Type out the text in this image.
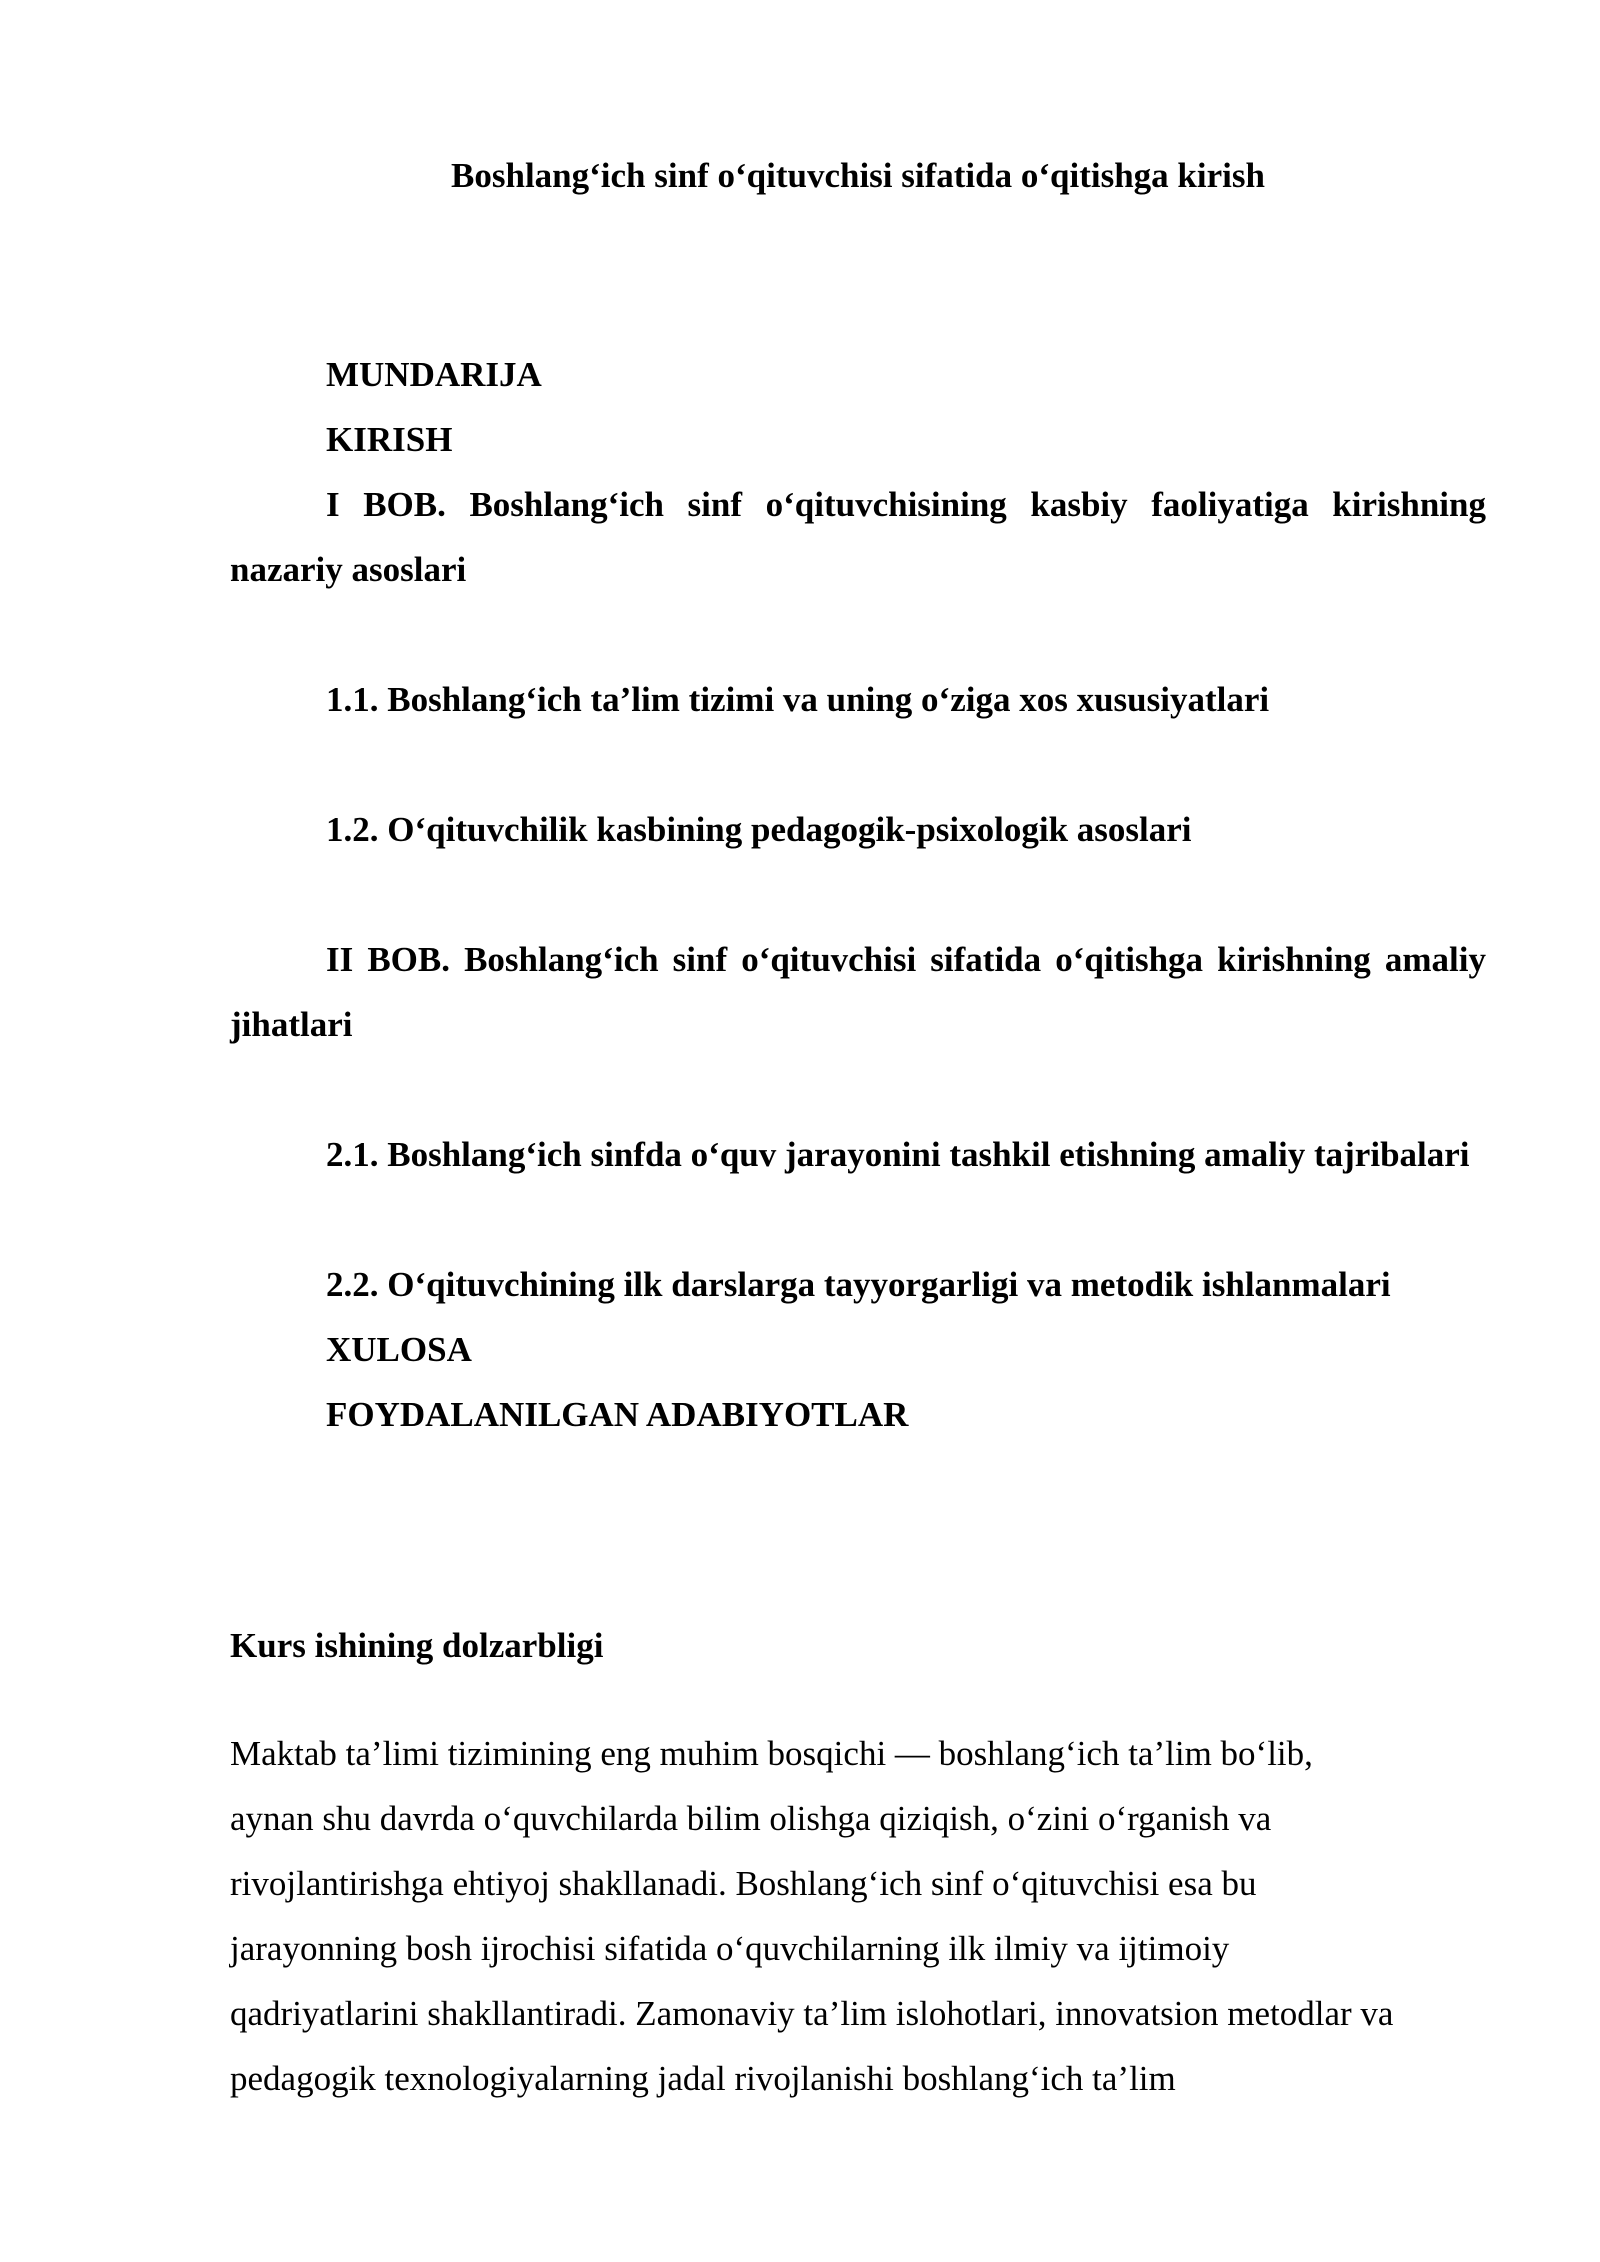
Boshlang‘ich sinf o‘qituvchisi sifatida o‘qitishga kirish

MUNDARIJA

KIRISH

I BOB. Boshlang‘ich sinf o‘qituvchisining kasbiy faoliyatiga kirishning nazariy asoslari

1.1. Boshlang‘ich ta’lim tizimi va uning o‘ziga xos xususiyatlari

1.2. O‘qituvchilik kasbining pedagogik-psixologik asoslari

II BOB. Boshlang‘ich sinf o‘qituvchisi sifatida o‘qitishga kirishning amaliy jihatlari

2.1. Boshlang‘ich sinfda o‘quv jarayonini tashkil etishning amaliy tajribalari

2.2. O‘qituvchining ilk darslarga tayyorgarligi va metodik ishlanmalari

XULOSA

FOYDALANILGAN ADABIYOTLAR

Kurs ishining dolzarbligi

Maktab ta’limi tizimining eng muhim bosqichi — boshlang‘ich ta’lim bo‘lib,
aynan shu davrda o‘quvchilarda bilim olishga qiziqish, o‘zini o‘rganish va
rivojlantirishga ehtiyoj shakllanadi. Boshlang‘ich sinf o‘qituvchisi esa bu
jarayonning bosh ijrochisi sifatida o‘quvchilarning ilk ilmiy va ijtimoiy
qadriyatlarini shakllantiradi. Zamonaviy ta’lim islohotlari, innovatsion metodlar va
pedagogik texnologiyalarning jadal rivojlanishi boshlang‘ich ta’lim
